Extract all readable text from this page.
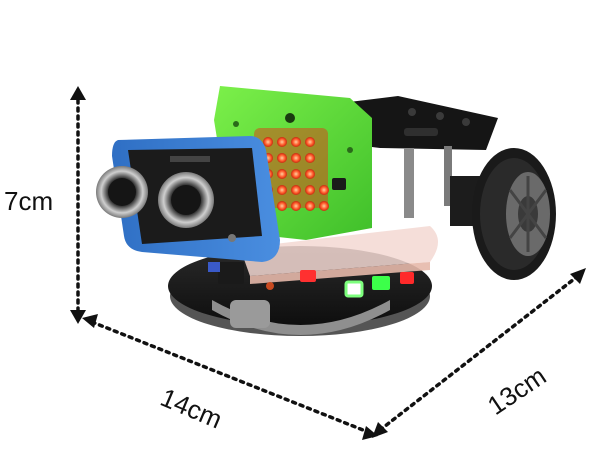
7cm
14cm	13cm
